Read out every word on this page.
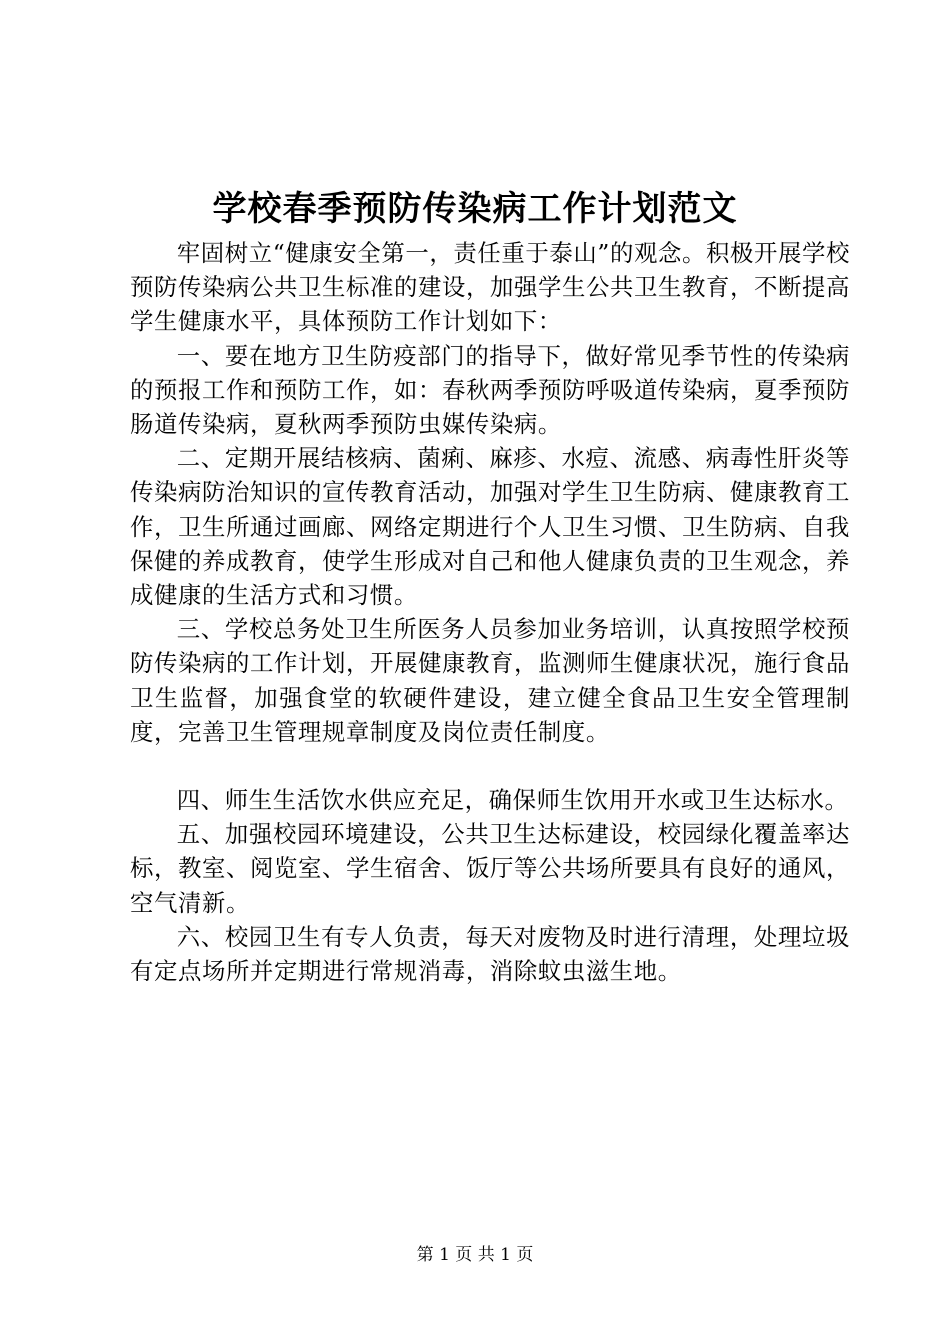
学校春季预防传染病工作计划范文

牢固树立“健康安全第一，责任重于泰山”的观念。积极开展学校预防传染病公共卫生标准的建设，加强学生公共卫生教育，不断提高学生健康水平，具体预防工作计划如下：

一、要在地方卫生防疫部门的指导下，做好常见季节性的传染病的预报工作和预防工作，如：春秋两季预防呼吸道传染病，夏季预防肠道传染病，夏秋两季预防虫媒传染病。

二、定期开展结核病、菌痢、麻疹、水痘、流感、病毒性肝炎等传染病防治知识的宣传教育活动，加强对学生卫生防病、健康教育工作，卫生所通过画廊、网络定期进行个人卫生习惯、卫生防病、自我保健的养成教育，使学生形成对自己和他人健康负责的卫生观念，养成健康的生活方式和习惯。

三、学校总务处卫生所医务人员参加业务培训，认真按照学校预防传染病的工作计划，开展健康教育，监测师生健康状况，施行食品卫生监督，加强食堂的软硬件建设，建立健全食品卫生安全管理制度，完善卫生管理规章制度及岗位责任制度。

四、师生生活饮水供应充足，确保师生饮用开水或卫生达标水。

五、加强校园环境建设，公共卫生达标建设，校园绿化覆盖率达标，教室、阅览室、学生宿舍、饭厅等公共场所要具有良好的通风，空气清新。

六、校园卫生有专人负责，每天对废物及时进行清理，处理垃圾有定点场所并定期进行常规消毒，消除蚊虫滋生地。

第 1 页 共 1 页
